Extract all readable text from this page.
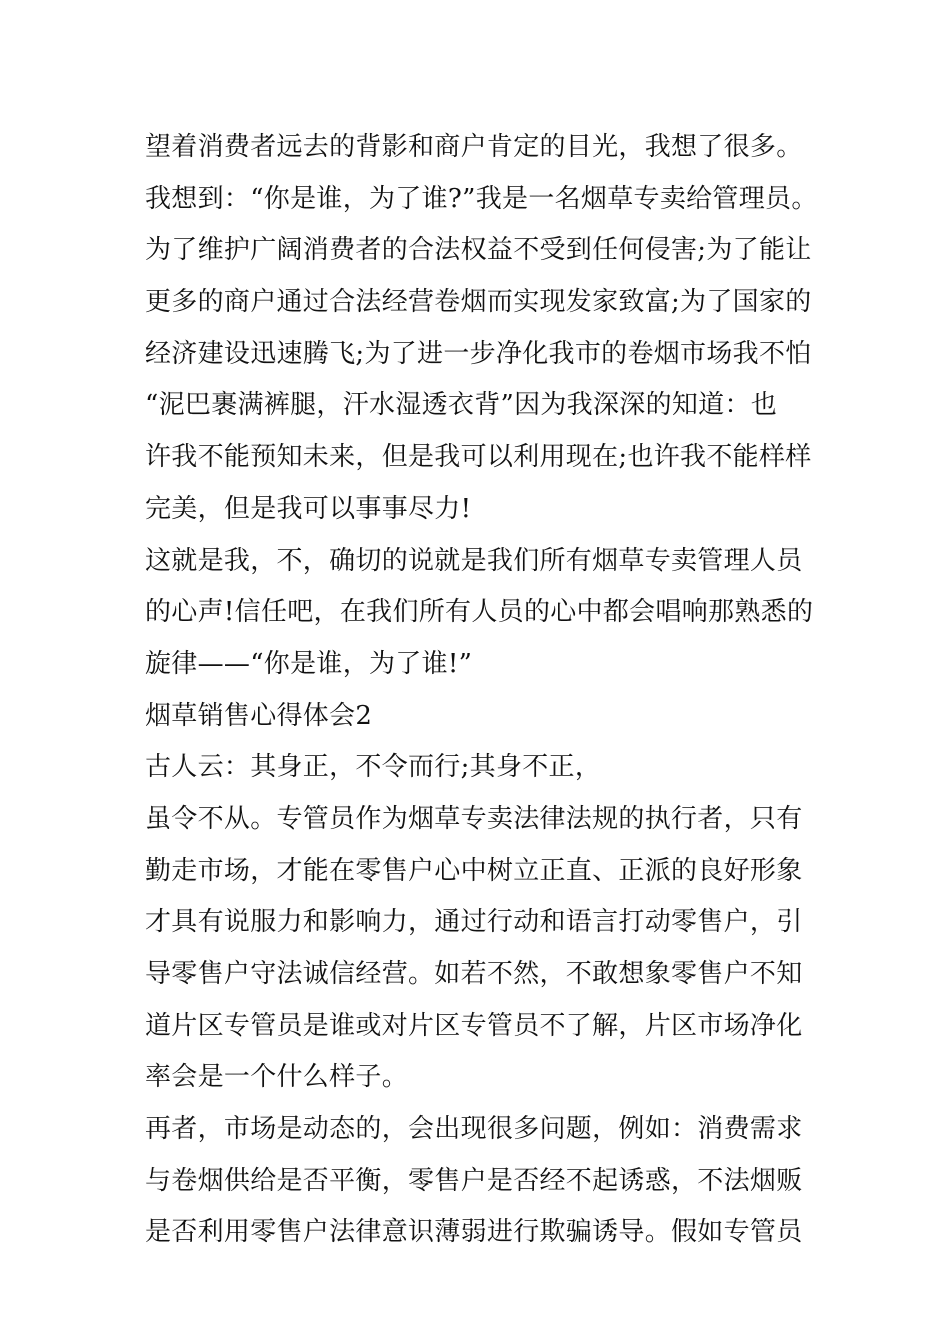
望着消费者远去的背影和商户肯定的目光，我想了很多。
我想到：“你是谁，为了谁?”我是一名烟草专卖给管理员。
为了维护广阔消费者的合法权益不受到任何侵害;为了能让
更多的商户通过合法经营卷烟而实现发家致富;为了国家的
经济建设迅速腾飞;为了进一步净化我市的卷烟市场我不怕
“泥巴裹满裤腿，汗水湿透衣背”因为我深深的知道：也
许我不能预知未来，但是我可以利用现在;也许我不能样样
完美，但是我可以事事尽力!
这就是我，不，确切的说就是我们所有烟草专卖管理人员
的心声!信任吧，在我们所有人员的心中都会唱响那熟悉的
旋律——“你是谁，为了谁!”
烟草销售心得体会2
古人云：其身正，不令而行;其身不正，
虽令不从。专管员作为烟草专卖法律法规的执行者，只有
勤走市场，才能在零售户心中树立正直、正派的良好形象
才具有说服力和影响力，通过行动和语言打动零售户，引
导零售户守法诚信经营。如若不然，不敢想象零售户不知
道片区专管员是谁或对片区专管员不了解，片区市场净化
率会是一个什么样子。
再者，市场是动态的，会出现很多问题，例如：消费需求
与卷烟供给是否平衡，零售户是否经不起诱惑，不法烟贩
是否利用零售户法律意识薄弱进行欺骗诱导。假如专管员
